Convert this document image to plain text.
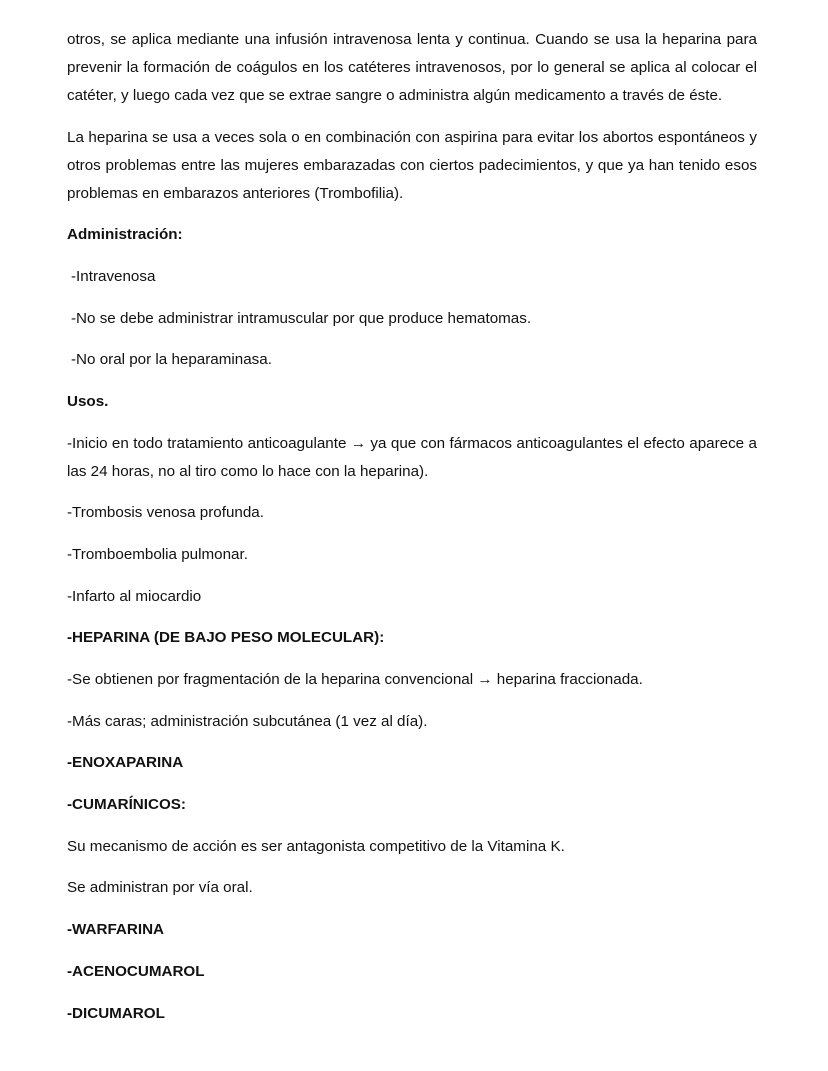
otros, se aplica mediante una infusión intravenosa lenta y continua. Cuando se usa la heparina para prevenir la formación de coágulos en los catéteres intravenosos, por lo general se aplica al colocar el catéter, y luego cada vez que se extrae sangre o administra algún medicamento a través de éste.

La heparina se usa a veces sola o en combinación con aspirina para evitar los abortos espontáneos y otros problemas entre las mujeres embarazadas con ciertos padecimientos, y que ya han tenido esos problemas en embarazos anteriores (Trombofilia).

Administración:

-Intravenosa

-No se debe administrar intramuscular por que produce hematomas.

-No oral por la heparaminasa.

Usos.

-Inicio en todo tratamiento anticoagulante → ya que con fármacos anticoagulantes el efecto aparece a las 24 horas, no al tiro como lo hace con la heparina).

-Trombosis venosa profunda.

-Tromboembolia pulmonar.

-Infarto al miocardio

-HEPARINA (DE BAJO PESO MOLECULAR):

-Se obtienen por fragmentación de la heparina convencional → heparina fraccionada.

-Más caras; administración subcutánea (1 vez al día).

-ENOXAPARINA

-CUMARÍNICOS:

Su mecanismo de acción es ser antagonista competitivo de la Vitamina K.

Se administran por vía oral.

-WARFARINA

-ACENOCUMAROL

-DICUMAROL
